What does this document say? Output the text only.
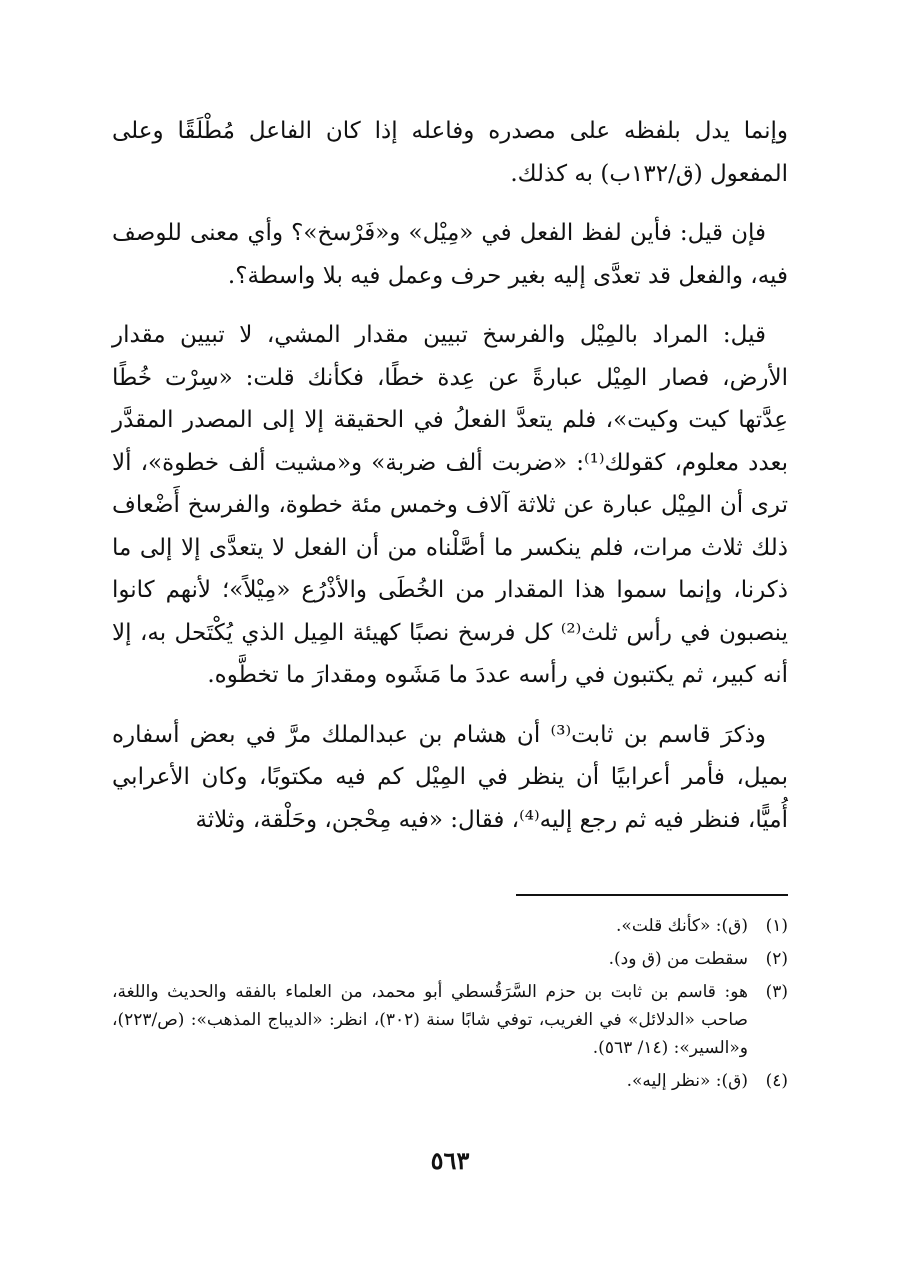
وإنما يدل بلفظه على مصدره وفاعله إذا كان الفاعل مُطْلَقًا وعلى المفعول (ق/١٣٢ب) به كذلك.

فإن قيل: فأين لفظ الفعل في «مِيْل» و«فَرْسخ»؟ وأي معنى للوصف فيه، والفعل قد تعدَّى إليه بغير حرف وعمل فيه بلا واسطة؟.

قيل: المراد بالمِيْل والفرسخ تبيين مقدار المشي، لا تبيين مقدار الأرض، فصار المِيْل عبارةً عن عِدة خطًا، فكأنك قلت: «سِرْت خُطًا عِدَّتها كيت وكيت»، فلم يتعدَّ الفعلُ في الحقيقة إلا إلى المصدر المقدَّر بعدد معلوم، كقولك⁽¹⁾: «ضربت ألف ضربة» و«مشيت ألف خطوة»، ألا ترى أن المِيْل عبارة عن ثلاثة آلاف وخمس مئة خطوة، والفرسخ أَضْعاف ذلك ثلاث مرات، فلم ينكسر ما أصَّلْناه من أن الفعل لا يتعدَّى إلا إلى ما ذكرنا، وإنما سموا هذا المقدار من الخُطَى والأذْرُع «مِيْلاً»؛ لأنهم كانوا ينصبون في رأس ثلث⁽²⁾ كل فرسخ نصبًا كهيئة المِيل الذي يُكْتَحل به، إلا أنه كبير، ثم يكتبون في رأسه عددَ ما مَشَوه ومقدارَ ما تخطَّوه.

وذكرَ قاسم بن ثابت⁽³⁾ أن هشام بن عبدالملك مرَّ في بعض أسفاره بميل، فأمر أعرابيًا أن ينظر في المِيْل كم فيه مكتوبًا، وكان الأعرابي أُميًّا، فنظر فيه ثم رجع إليه⁽⁴⁾، فقال: «فيه مِحْجن، وحَلْقة، وثلاثة

(١)
(ق): «كأنك قلت».
(٢)
سقطت من (ق ود).
(٣)
هو: قاسم بن ثابت بن حزم السَّرَقُسطي أبو محمد، من العلماء بالفقه والحديث واللغة، صاحب «الدلائل» في الغريب، توفي شابًا سنة (٣٠٢)، انظر: «الديباج المذهب»: (ص/٢٢٣)، و«السير»: (١٤/ ٥٦٣).
(٤)
(ق): «نظر إليه».
٥٦٣
